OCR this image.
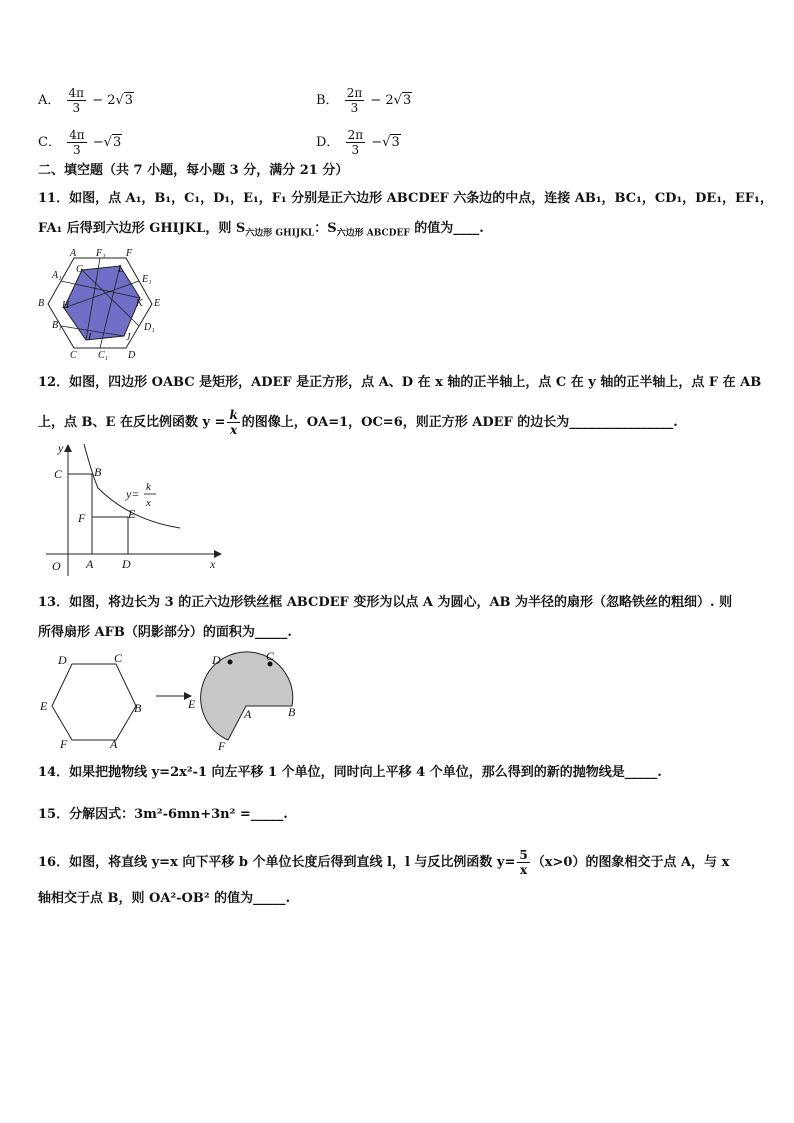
A． $\frac{4\pi}{3} - 2√3$	B． $\frac{2\pi}{3} - 2√3$
C． $\frac{4\pi}{3} -√3$	D． $\frac{2\pi}{3} -√3$
二、填空题（共 7 小题，每小题 3 分，满分 21 分）
11．如图，点 A₁，B₁，C₁，D₁，E₁，F₁ 分别是正六边形 ABCDEF 六条边的中点，连接 AB₁，BC₁，CD₁，DE₁，EF₁，
FA₁ 后得到六边形 GHIJKL，则 $S_{六边形 GHIJKL}$：$S_{六边形 ABCDEF}$ 的值为____.
A F₁ F
A₁
G	L
E₁
B H	K E
B₁	D₁
I	J
C C₁ D
12．如图，四边形 OABC 是矩形，ADEF 是正方形，点 A、D 在 x 轴的正半轴上，点 C 在 y 轴的正半轴上，点 F 在 AB
上，点 B、E 在反比例函数 $y = \frac{k}{x}$ 的图像上，OA=1，OC=6，则正方形 ADEF 的边长为________________.
y
C	B
F	E
O A D	x
y= k
x
13．如图，将边长为 3 的正六边形铁丝框 ABCDEF 变形为以点 A 为圆心，AB 为半径的扇形（忽略铁丝的粗细）. 则
所得扇形 AFB（阴影部分）的面积为_____.
D	C
E	B
F	A
D	C
E
A	B
F
14．如果把抛物线 y=2x²-1 向左平移 1 个单位，同时向上平移 4 个单位，那么得到的新的抛物线是_____.
15．分解因式：3m²-6mn+3n² =_____.
16．如图，将直线 y=x 向下平移 b 个单位长度后得到直线 l，l 与反比例函数 $y= \frac{5}{x} (x>0)$的图象相交于点 A，与 x
轴相交于点 B，则 OA²-OB² 的值为_____.
